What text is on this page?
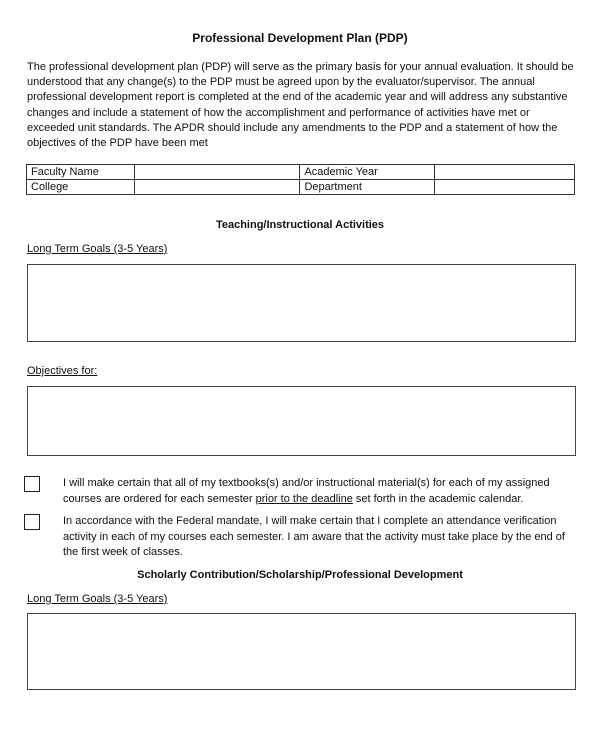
Professional Development Plan (PDP)
The professional development plan (PDP) will serve as the primary basis for your annual evaluation. It should be understood that any change(s) to the PDP must be agreed upon by the evaluator/supervisor. The annual professional development report is completed at the end of the academic year and will address any substantive changes and include a statement of how the accomplishment and performance of activities have met or exceeded unit standards. The APDR should include any amendments to the PDP and a statement of how the objectives of the PDP have been met
Faculty Name		Academic Year	
College		Department	
Teaching/Instructional Activities
Long Term Goals (3-5 Years)
Objectives for:
I will make certain that all of my textbooks(s) and/or instructional material(s) for each of my assigned courses are ordered for each semester prior to the deadline set forth in the academic calendar.
In accordance with the Federal mandate, I will make certain that I complete an attendance verification activity in each of my courses each semester. I am aware that the activity must take place by the end of the first week of classes.
Scholarly Contribution/Scholarship/Professional Development
Long Term Goals (3-5 Years)
